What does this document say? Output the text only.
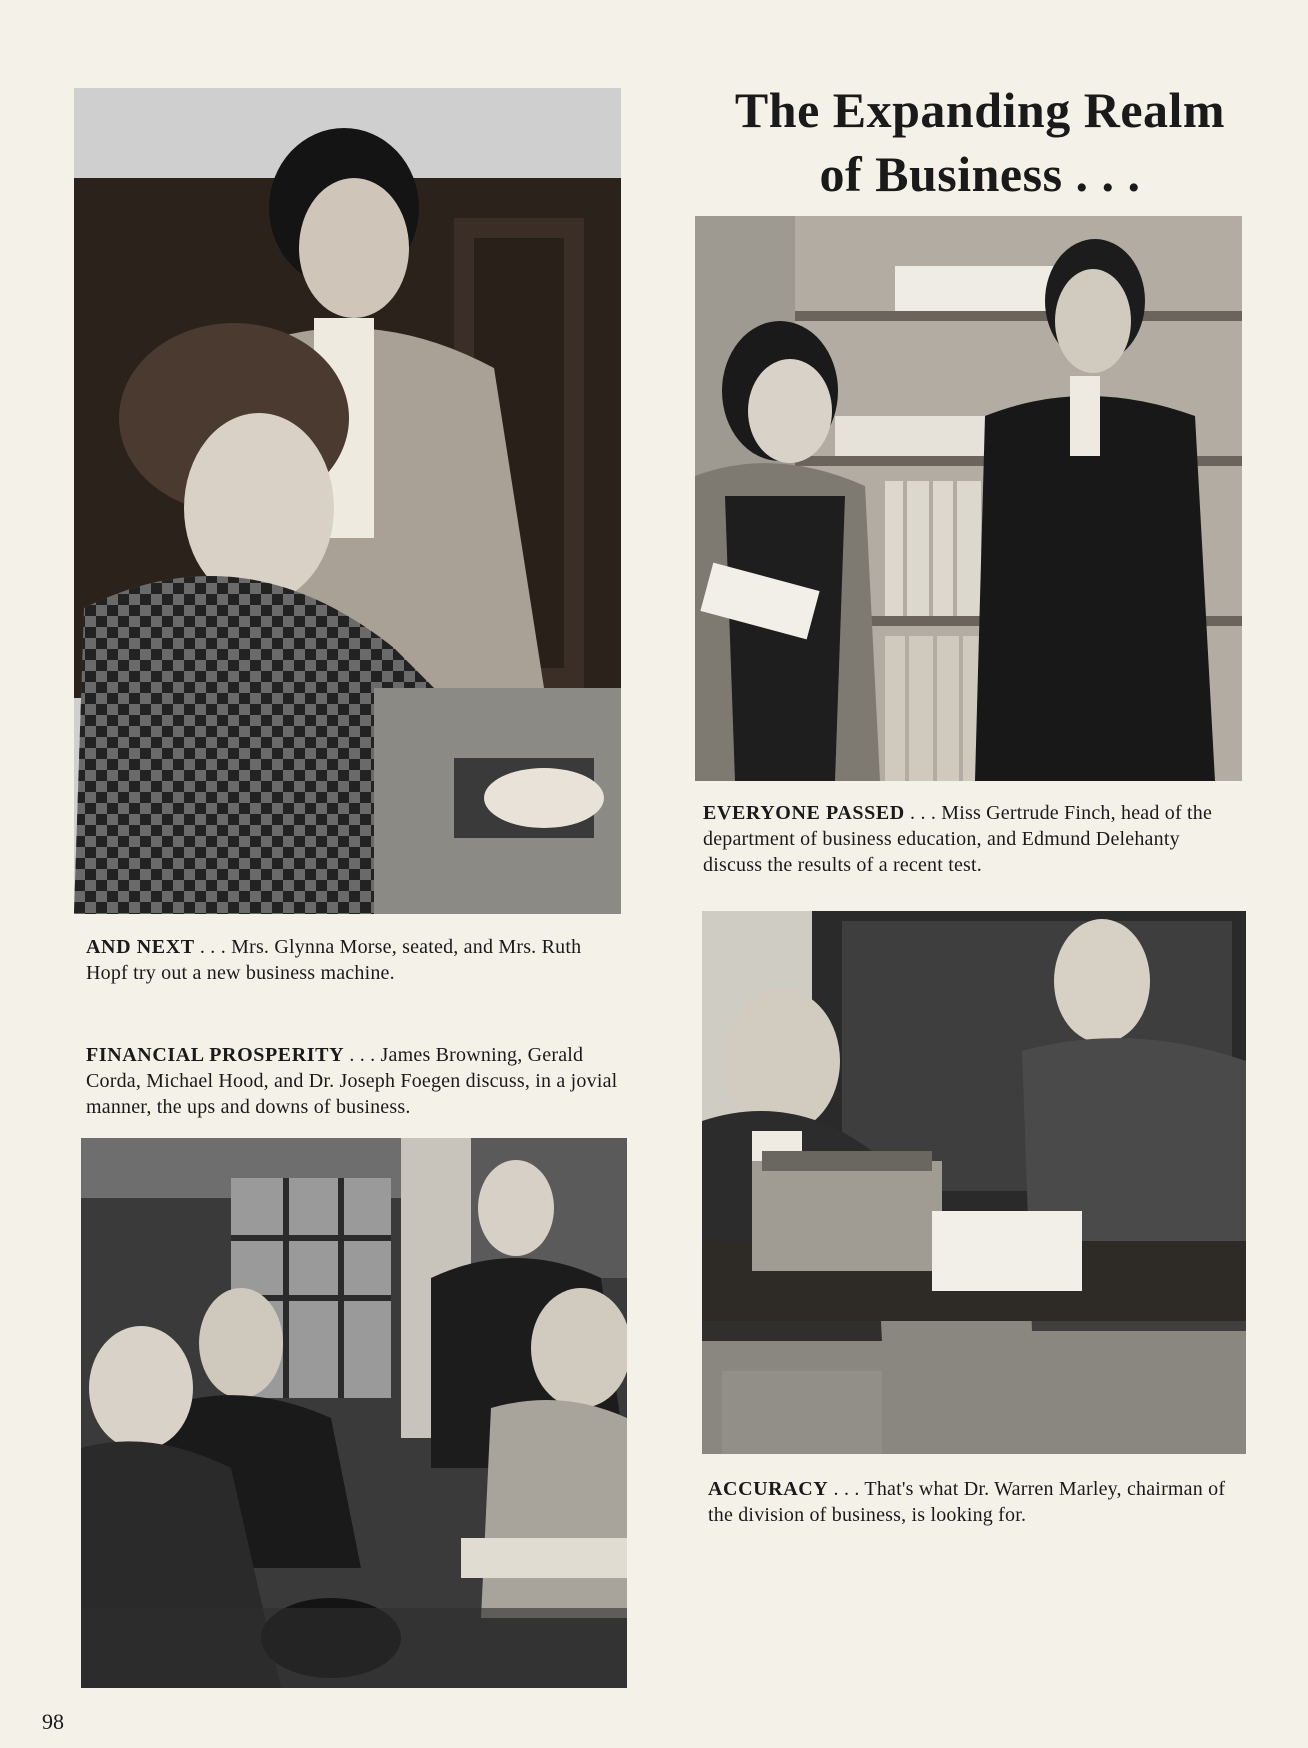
The Expanding Realm
of Business . . .

AND NEXT . . . Mrs. Glynna Morse, seated, and Mrs. Ruth Hopf try out a new business machine.

FINANCIAL PROSPERITY . . . James Browning, Gerald Corda, Michael Hood, and Dr. Joseph Foegen discuss, in a jovial manner, the ups and downs of business.

EVERYONE PASSED . . . Miss Gertrude Finch, head of the department of business education, and Edmund Delehanty discuss the results of a recent test.

ACCURACY . . . That's what Dr. Warren Marley, chairman of the division of business, is looking for.

98
